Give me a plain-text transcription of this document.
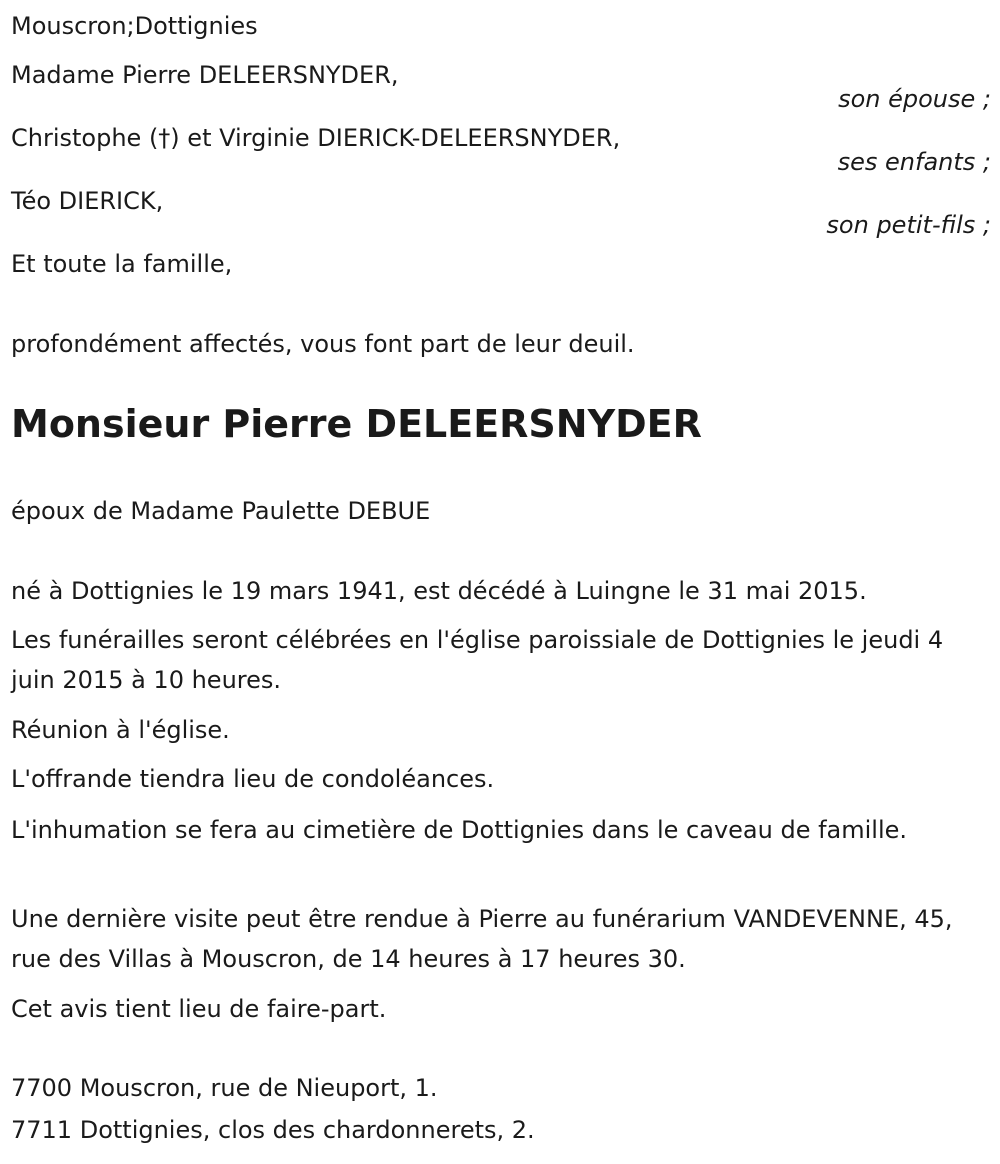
Mouscron;Dottignies
Madame Pierre DELEERSNYDER,
son épouse ;
Christophe (†) et Virginie DIERICK-DELEERSNYDER,
ses enfants ;
Téo DIERICK,
son petit-fils ;
Et toute la famille,
profondément affectés, vous font part de leur deuil.
Monsieur Pierre DELEERSNYDER
époux de Madame Paulette DEBUE
né à Dottignies le 19 mars 1941, est décédé à Luingne le 31 mai 2015.
Les funérailles seront célébrées en l'église paroissiale de Dottignies le jeudi 4 juin 2015 à 10 heures.
Réunion à l'église.
L'offrande tiendra lieu de condoléances.
L'inhumation se fera au cimetière de Dottignies dans le caveau de famille.
Une dernière visite peut être rendue à Pierre au funérarium VANDEVENNE, 45, rue des Villas à Mouscron, de 14 heures à 17 heures 30.
Cet avis tient lieu de faire-part.
7700 Mouscron, rue de Nieuport, 1.
7711 Dottignies, clos des chardonnerets, 2.
